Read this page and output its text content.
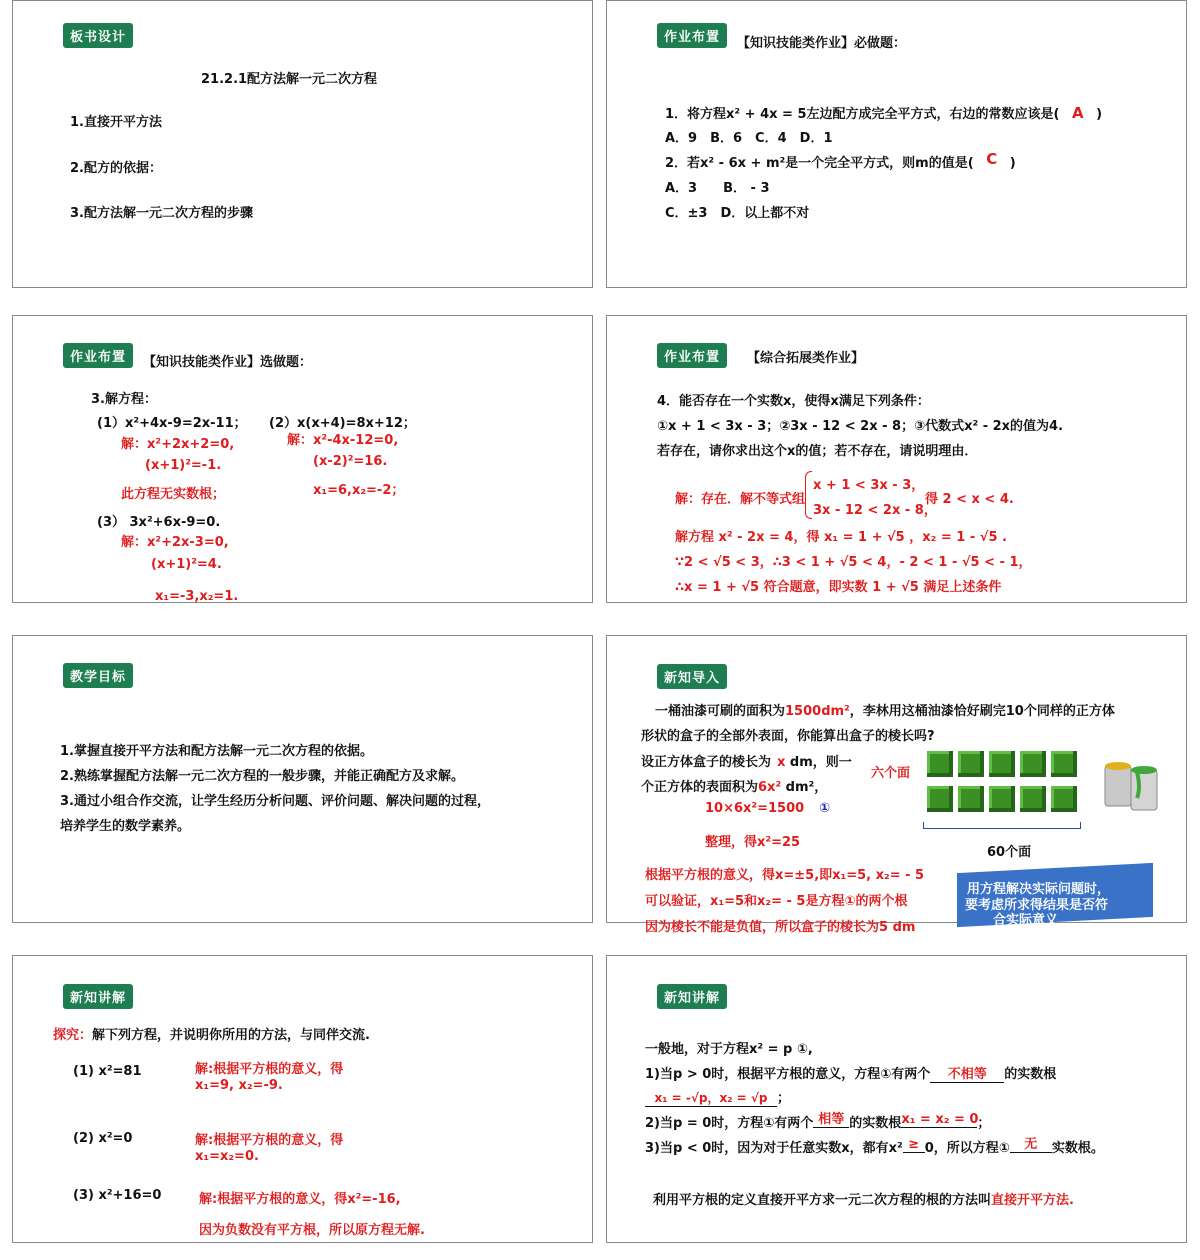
板书设计
21.2.1配方法解一元二次方程
1.直接开平方法
2.配方的依据：
3.配方法解一元二次方程的步骤
作业布置	【知识技能类作业】必做题：
1．将方程x² + 4x = 5左边配方成完全平方式，右边的常数应该是( A )
A．9　B．6　C．4　D．1
2．若x² - 6x + m²是一个完全平方式，则m的值是( C )
A．3　　B． - 3
C．±3　D．以上都不对
作业布置	【知识技能类作业】选做题：
3.解方程：
(1）x²+4x-9=2x-11；
解：x²+2x+2=0,
(x+1)²=-1.
此方程无实数根；
(2）x(x+4)=8x+12；
解：x²-4x-12=0,
(x-2)²=16.
x₁=6,x₂=-2；
(3） 3x²+6x-9=0.
解：x²+2x-3=0,
(x+1)²=4.
x₁=-3,x₂=1.
作业布置	【综合拓展类作业】
4．能否存在一个实数x，使得x满足下列条件：
①x + 1 < 3x - 3；②3x - 12 < 2x - 8；③代数式x² - 2x的值为4.
若存在，请你求出这个x的值；若不存在，请说明理由．
解：存在．解不等式组
x + 1 < 3x - 3，
3x - 12 < 2x - 8，
得 2 < x < 4.
解方程 x² - 2x = 4，得 x₁ = 1 + √5 ，x₂ = 1 - √5 .
∵2 < √5 < 3，∴3 < 1 + √5 < 4，- 2 < 1 - √5 < - 1，
∴x = 1 + √5 符合题意，即实数 1 + √5 满足上述条件
教学目标
1.掌握直接开平方法和配方法解一元二次方程的依据。
2.熟练掌握配方法解一元二次方程的一般步骤，并能正确配方及求解。
3.通过小组合作交流，让学生经历分析问题、评价问题、解决问题的过程，
培养学生的数学素养。
新知导入
一桶油漆可刷的面积为1500dm²，李林用这桶油漆恰好刷完10个同样的正方体
形状的盒子的全部外表面，你能算出盒子的棱长吗?
设正方体盒子的棱长为 x dm，则一
个正方体的表面积为6x² dm²，
10×6x²=1500 ①
整理，得x²=25
六个面
60个面
根据平方根的意义，得x=±5,即x₁=5, x₂= - 5
可以验证，x₁=5和x₂= - 5是方程①的两个根
因为棱长不能是负值，所以盒子的棱长为5 dm
用方程解决实际问题时，
要考虑所求得结果是否符
合实际意义
新知讲解
探究：解下列方程，并说明你所用的方法，与同伴交流.
(1) x²=81	解:根据平方根的意义，得
x₁=9, x₂=-9.
(2) x²=0	解:根据平方根的意义，得
x₁=x₂=0.
(3) x²+16=0	解:根据平方根的意义，得x²=-16,
因为负数没有平方根，所以原方程无解.
新知讲解
一般地，对于方程x² = p ①,
1)当p > 0时，根据平方根的意义，方程①有两个 不相等 的实数根
x₁ = -√p，x₂ = √p ；
2)当p = 0时，方程①有两个 相等 的实数根x₁ = x₂ = 0；
3)当p < 0时，因为对于任意实数x，都有x² ≥ 0，所以方程① 无 实数根。
利用平方根的定义直接开平方求一元二次方程的根的方法叫直接开平方法.
